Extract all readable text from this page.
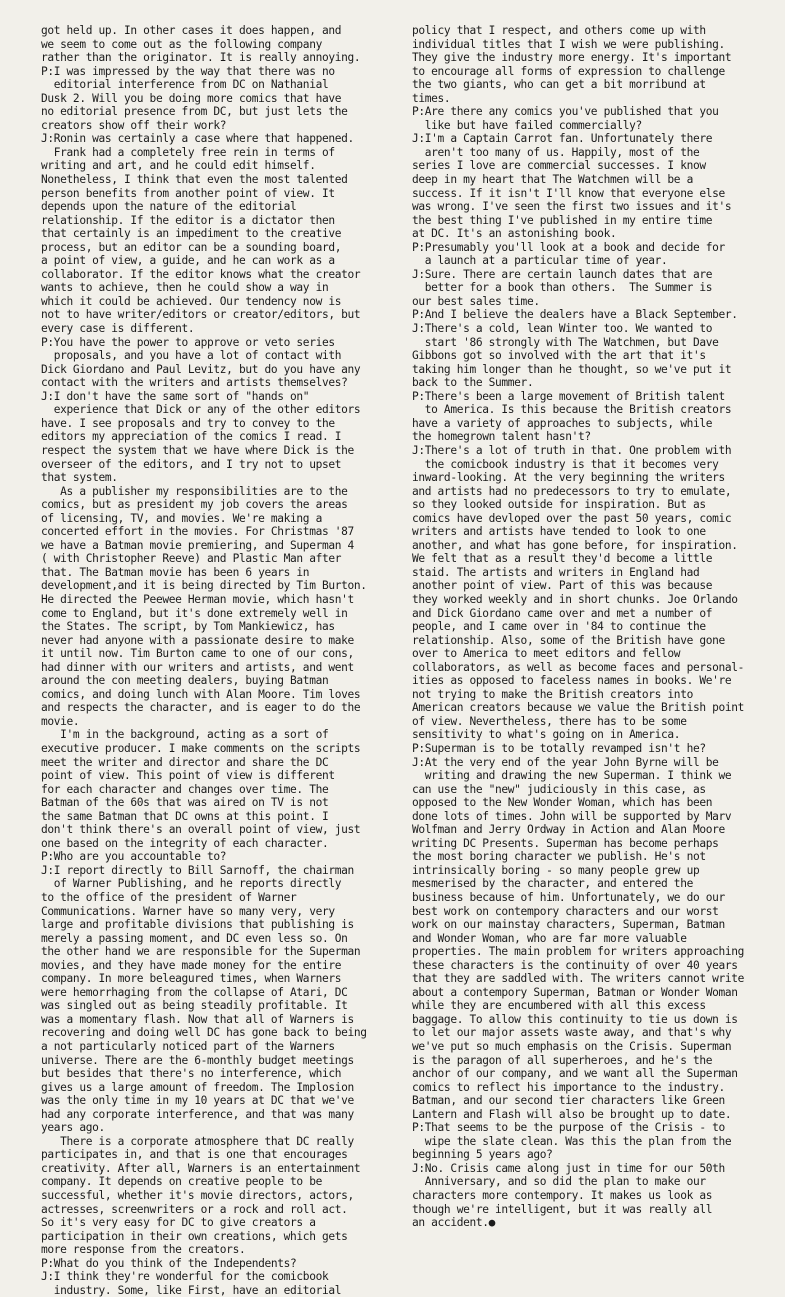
got held up. In other cases it does happen, and
we seem to come out as the following company
rather than the originator. It is really annoying.
P:I was impressed by the way that there was no
editorial interference from DC on Nathanial
Dusk 2. Will you be doing more comics that have
no editorial presence from DC, but just lets the
creators show off their work?
J:Ronin was certainly a case where that happened.
Frank had a completely free rein in terms of
writing and art, and he could edit himself.
Nonetheless, I think that even the most talented
person benefits from another point of view. It
depends upon the nature of the editorial
relationship. If the editor is a dictator then
that certainly is an impediment to the creative
process, but an editor can be a sounding board,
a point of view, a guide, and he can work as a
collaborator. If the editor knows what the creator
wants to achieve, then he could show a way in
which it could be achieved. Our tendency now is
not to have writer/editors or creator/editors, but
every case is different.
P:You have the power to approve or veto series
proposals, and you have a lot of contact with
Dick Giordano and Paul Levitz, but do you have any
contact with the writers and artists themselves?
J:I don't have the same sort of "hands on"
experience that Dick or any of the other editors
have. I see proposals and try to convey to the
editors my appreciation of the comics I read. I
respect the system that we have where Dick is the
overseer of the editors, and I try not to upset
that system.
As a publisher my responsibilities are to the
comics, but as president my job covers the areas
of licensing, TV, and movies. We're making a
concerted effort in the movies. For Christmas '87
we have a Batman movie premiering, and Superman 4
( with Christopher Reeve) and Plastic Man after
that. The Batman movie has been 6 years in
development,and it is being directed by Tim Burton.
He directed the Peewee Herman movie, which hasn't
come to England, but it's done extremely well in
the States. The script, by Tom Mankiewicz, has
never had anyone with a passionate desire to make
it until now. Tim Burton came to one of our cons,
had dinner with our writers and artists, and went
around the con meeting dealers, buying Batman
comics, and doing lunch with Alan Moore. Tim loves
and respects the character, and is eager to do the
movie.
I'm in the background, acting as a sort of
executive producer. I make comments on the scripts
meet the writer and director and share the DC
point of view. This point of view is different
for each character and changes over time. The
Batman of the 60s that was aired on TV is not
the same Batman that DC owns at this point. I
don't think there's an overall point of view, just
one based on the integrity of each character.
P:Who are you accountable to?
J:I report directly to Bill Sarnoff, the chairman
of Warner Publishing, and he reports directly
to the office of the president of Warner
Communications. Warner have so many very, very
large and profitable divisions that publishing is
merely a passing moment, and DC even less so. On
the other hand we are responsible for the Superman
movies, and they have made money for the entire
company. In more beleagured times, when Warners
were hemorrhaging from the collapse of Atari, DC
was singled out as being steadily profitable. It
was a momentary flash. Now that all of Warners is
recovering and doing well DC has gone back to being
a not particularly noticed part of the Warners
universe. There are the 6-monthly budget meetings
but besides that there's no interference, which
gives us a large amount of freedom. The Implosion
was the only time in my 10 years at DC that we've
had any corporate interference, and that was many
years ago.
There is a corporate atmosphere that DC really
participates in, and that is one that encourages
creativity. After all, Warners is an entertainment
company. It depends on creative people to be
successful, whether it's movie directors, actors,
actresses, screenwriters or a rock and roll act.
So it's very easy for DC to give creators a
participation in their own creations, which gets
more response from the creators.
P:What do you think of the Independents?
J:I think they're wonderful for the comicbook
industry. Some, like First, have an editorial
policy that I respect, and others come up with
individual titles that I wish we were publishing.
They give the industry more energy. It's important
to encourage all forms of expression to challenge
the two giants, who can get a bit morribund at
times.
P:Are there any comics you've published that you
like but have failed commercially?
J:I'm a Captain Carrot fan. Unfortunately there
aren't too many of us. Happily, most of the
series I love are commercial successes. I know
deep in my heart that The Watchmen will be a
success. If it isn't I'll know that everyone else
was wrong. I've seen the first two issues and it's
the best thing I've published in my entire time
at DC. It's an astonishing book.
P:Presumably you'll look at a book and decide for
a launch at a particular time of year.
J:Sure. There are certain launch dates that are
better for a book than others.  The Summer is
our best sales time.
P:And I believe the dealers have a Black September.
J:There's a cold, lean Winter too. We wanted to
start '86 strongly with The Watchmen, but Dave
Gibbons got so involved with the art that it's
taking him longer than he thought, so we've put it
back to the Summer.
P:There's been a large movement of British talent
to America. Is this because the British creators
have a variety of approaches to subjects, while
the homegrown talent hasn't?
J:There's a lot of truth in that. One problem with
the comicbook industry is that it becomes very
inward-looking. At the very beginning the writers
and artists had no predecessors to try to emulate,
so they looked outside for inspiration. But as
comics have devloped over the past 50 years, comic
writers and artists have tended to look to one
another, and what has gone before, for inspiration.
We felt that as a result they'd become a little
staid. The artists and writers in England had
another point of view. Part of this was because
they worked weekly and in short chunks. Joe Orlando
and Dick Giordano came over and met a number of
people, and I came over in '84 to continue the
relationship. Also, some of the British have gone
over to America to meet editors and fellow
collaborators, as well as become faces and personal-
ities as opposed to faceless names in books. We're
not trying to make the British creators into
American creators because we value the British point
of view. Nevertheless, there has to be some
sensitivity to what's going on in America.
P:Superman is to be totally revamped isn't he?
J:At the very end of the year John Byrne will be
writing and drawing the new Superman. I think we
can use the "new" judiciously in this case, as
opposed to the New Wonder Woman, which has been
done lots of times. John will be supported by Marv
Wolfman and Jerry Ordway in Action and Alan Moore
writing DC Presents. Superman has become perhaps
the most boring character we publish. He's not
intrinsically boring - so many people grew up
mesmerised by the character, and entered the
business because of him. Unfortunately, we do our
best work on contempory characters and our worst
work on our mainstay characters, Superman, Batman
and Wonder Woman, who are far more valuable
properties. The main problem for writers approaching
these characters is the continuity of over 40 years
that they are saddled with. The writers cannot write
about a contempory Superman, Batman or Wonder Woman
while they are encumbered with all this excess
baggage. To allow this continuity to tie us down is
to let our major assets waste away, and that's why
we've put so much emphasis on the Crisis. Superman
is the paragon of all superheroes, and he's the
anchor of our company, and we want all the Superman
comics to reflect his importance to the industry.
Batman, and our second tier characters like Green
Lantern and Flash will also be brought up to date.
P:That seems to be the purpose of the Crisis - to
wipe the slate clean. Was this the plan from the
beginning 5 years ago?
J:No. Crisis came along just in time for our 50th
Anniversary, and so did the plan to make our
characters more contempory. It makes us look as
though we're intelligent, but it was really all
an accident.●
